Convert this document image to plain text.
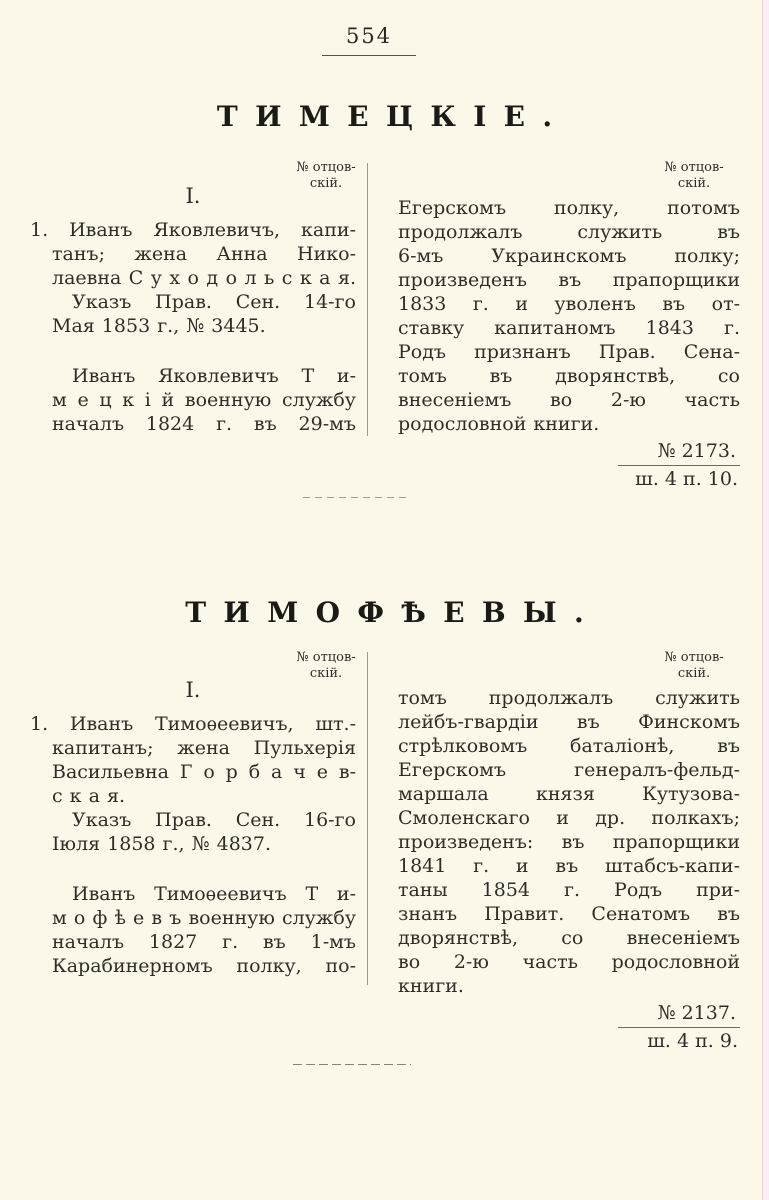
554
ТИМЕЦКІЕ.
№ отцов-
скій.
№ отцов-
скій.
I.
1. Иванъ Яковлевичъ, капи-
танъ; жена Анна Нико-
лаевна С у х о д о л ь с к а я.
Указъ Прав. Сен. 14-го
Мая 1853 г., № 3445.
Иванъ Яковлевичъ Т и-
м е ц к і й военную службу
началъ 1824 г. въ 29-мъ
Егерскомъ полку, потомъ
продолжалъ служить въ
6-мъ Украинскомъ полку;
произведенъ въ прапорщики
1833 г. и уволенъ въ от-
ставку капитаномъ 1843 г.
Родъ признанъ Прав. Сена-
томъ въ дворянствѣ, со
внесеніемъ во 2-ю часть
родословной книги.
№ 2173.
ш. 4 п. 10.
ТИМОФѢЕВЫ.
№ отцов-
скій.
№ отцов-
скій.
I.
1. Иванъ Тимоѳеевичъ, шт.-
капитанъ; жена Пульхерія
Васильевна Г о р б а ч е в-
с к а я.
Указъ Прав. Сен. 16-го
Іюля 1858 г., № 4837.
Иванъ Тимоѳеевичъ Т и-
м о ф ѣ е в ъ военную службу
началъ 1827 г. въ 1-мъ
Карабинерномъ полку, по-
томъ продолжалъ служить
лейбъ-гвардіи въ Финскомъ
стрѣлковомъ баталіонѣ, въ
Егерскомъ генералъ-фельд-
маршала князя Кутузова-
Смоленскаго и др. полкахъ;
произведенъ: въ прапорщики
1841 г. и въ штабсъ-капи-
таны 1854 г. Родъ при-
знанъ Правит. Сенатомъ въ
дворянствѣ, со внесеніемъ
во 2-ю часть родословной
книги.
№ 2137.
ш. 4 п. 9.
